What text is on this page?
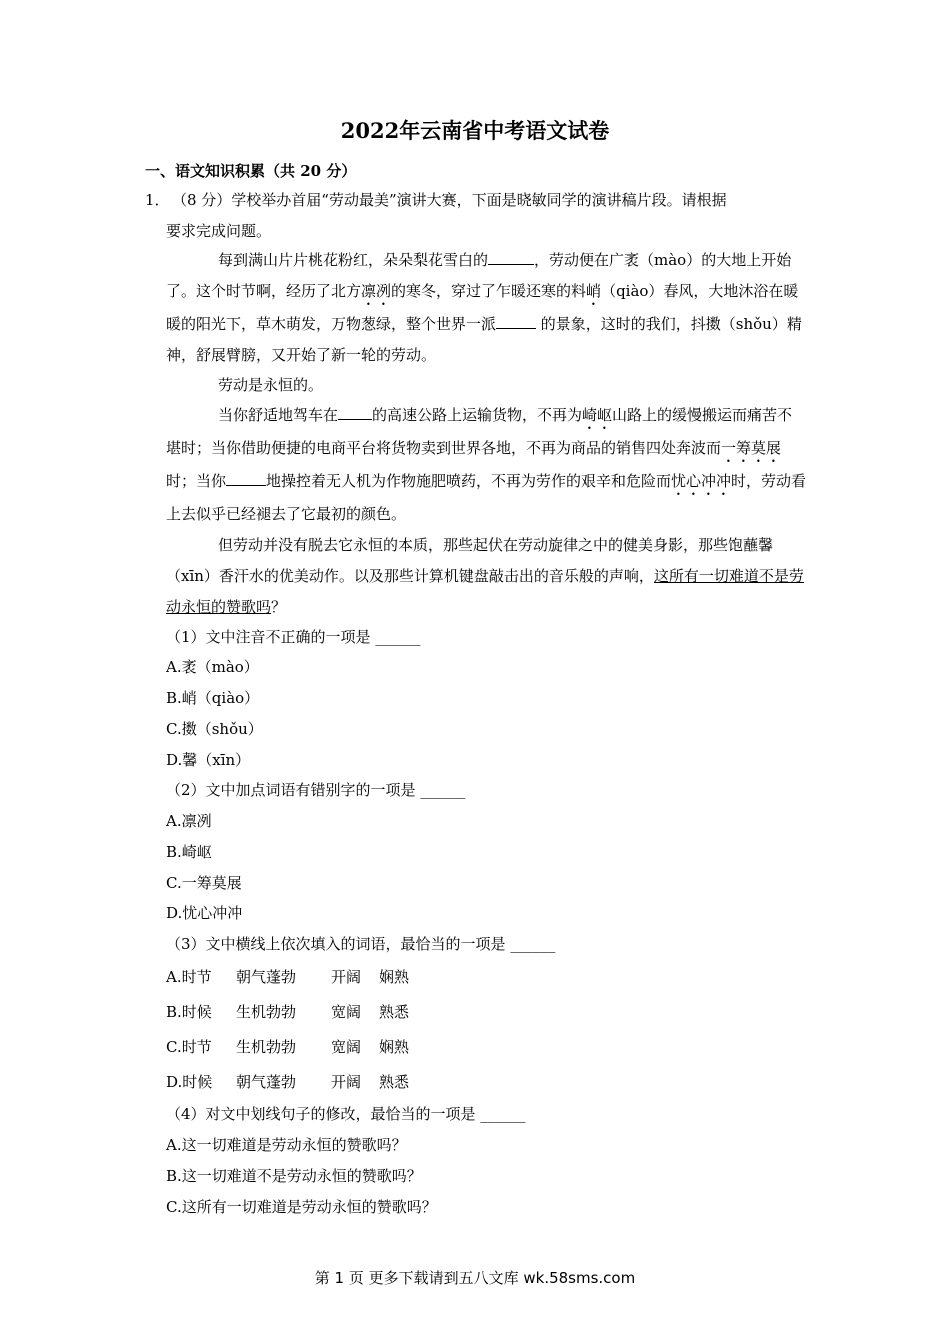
2022年云南省中考语文试卷
一、语文知识积累（共 20 分）
1． （8 分）学校举办首届“劳动最美”演讲大赛，下面是晓敏同学的演讲稿片段。请根据
要求完成问题。

每到满山片片桃花粉红，朵朵梨花雪白的	，劳动便在广袤（mào）的大地上开始了。这个时节啊，经历了北方凛冽的寒冬，穿过了乍暖还寒的料峭（qiào）春风，大地沐浴在暖暖的阳光下，草木萌发，万物葱绿，整个世界一派	的景象，这时的我们，抖擞（shǒu）精神，舒展臂膀，又开始了新一轮的劳动。

劳动是永恒的。

当你舒适地驾车在 的高速公路上运输货物，不再为崎岖山路上的缓慢搬运而痛苦不堪时；当你借助便捷的电商平台将货物卖到世界各地，不再为商品的销售四处奔波而一筹莫展时；当你	地操控着无人机为作物施肥喷药，不再为劳作的艰辛和危险而忧心冲冲时，劳动看上去似乎已经褪去了它最初的颜色。

但劳动并没有脱去它永恒的本质，那些起伏在劳动旋律之中的健美身影，那些饱蘸馨（xīn）香汗水的优美动作。以及那些计算机键盘敲击出的音乐般的声响，这所有一切难道不是劳动永恒的赞歌吗？

（1）文中注音不正确的一项是 ______
A.袤（mào）
B.峭（qiào）
C.擞（shǒu）
D.馨（xīn）
（2）文中加点词语有错别字的一项是 ______
A.凛冽
B.崎岖
C.一筹莫展
D.忧心冲冲
（3）文中横线上依次填入的词语，最恰当的一项是 ______
A.时节 朝气蓬勃 开阔 娴熟
B.时候 生机勃勃 宽阔 熟悉
C.时节 生机勃勃 宽阔 娴熟
D.时候 朝气蓬勃 开阔 熟悉
（4）对文中划线句子的修改，最恰当的一项是 ______
A.这一切难道是劳动永恒的赞歌吗？
B.这一切难道不是劳动永恒的赞歌吗？
C.这所有一切难道是劳动永恒的赞歌吗？
第 1 页 更多下载请到五八文库 wk.58sms.com
